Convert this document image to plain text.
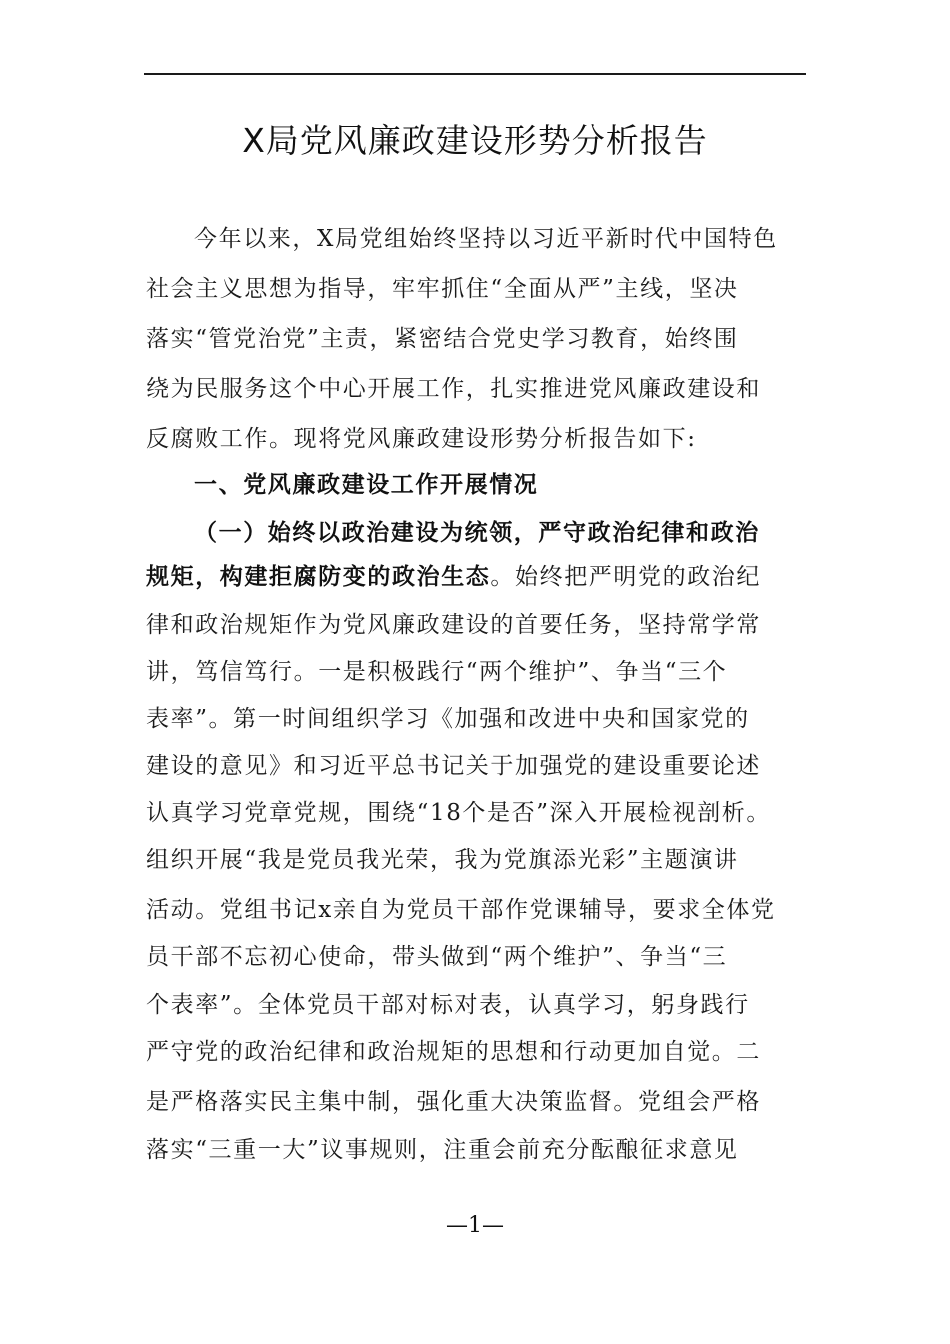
X局党风廉政建设形势分析报告
今年以来，X局党组始终坚持以习近平新时代中国特色
社会主义思想为指导，牢牢抓住“全面从严”主线，坚决
落实“管党治党”主责，紧密结合党史学习教育，始终围
绕为民服务这个中心开展工作，扎实推进党风廉政建设和
反腐败工作。现将党风廉政建设形势分析报告如下:
一、党风廉政建设工作开展情况
（一）始终以政治建设为统领，严守政治纪律和政治
规矩，构建拒腐防变的政治生态。始终把严明党的政治纪
律和政治规矩作为党风廉政建设的首要任务，坚持常学常
讲，笃信笃行。一是积极践行“两个维护”、争当“三个
表率”。第一时间组织学习《加强和改进中央和国家党的
建设的意见》和习近平总书记关于加强党的建设重要论述
认真学习党章党规，围绕“18个是否”深入开展检视剖析。
组织开展“我是党员我光荣，我为党旗添光彩”主题演讲
活动。党组书记x亲自为党员干部作党课辅导，要求全体党
员干部不忘初心使命，带头做到“两个维护”、争当“三
个表率”。全体党员干部对标对表，认真学习，躬身践行
严守党的政治纪律和政治规矩的思想和行动更加自觉。二
是严格落实民主集中制，强化重大决策监督。党组会严格
落实“三重一大”议事规则，注重会前充分酝酿征求意见
—1—
